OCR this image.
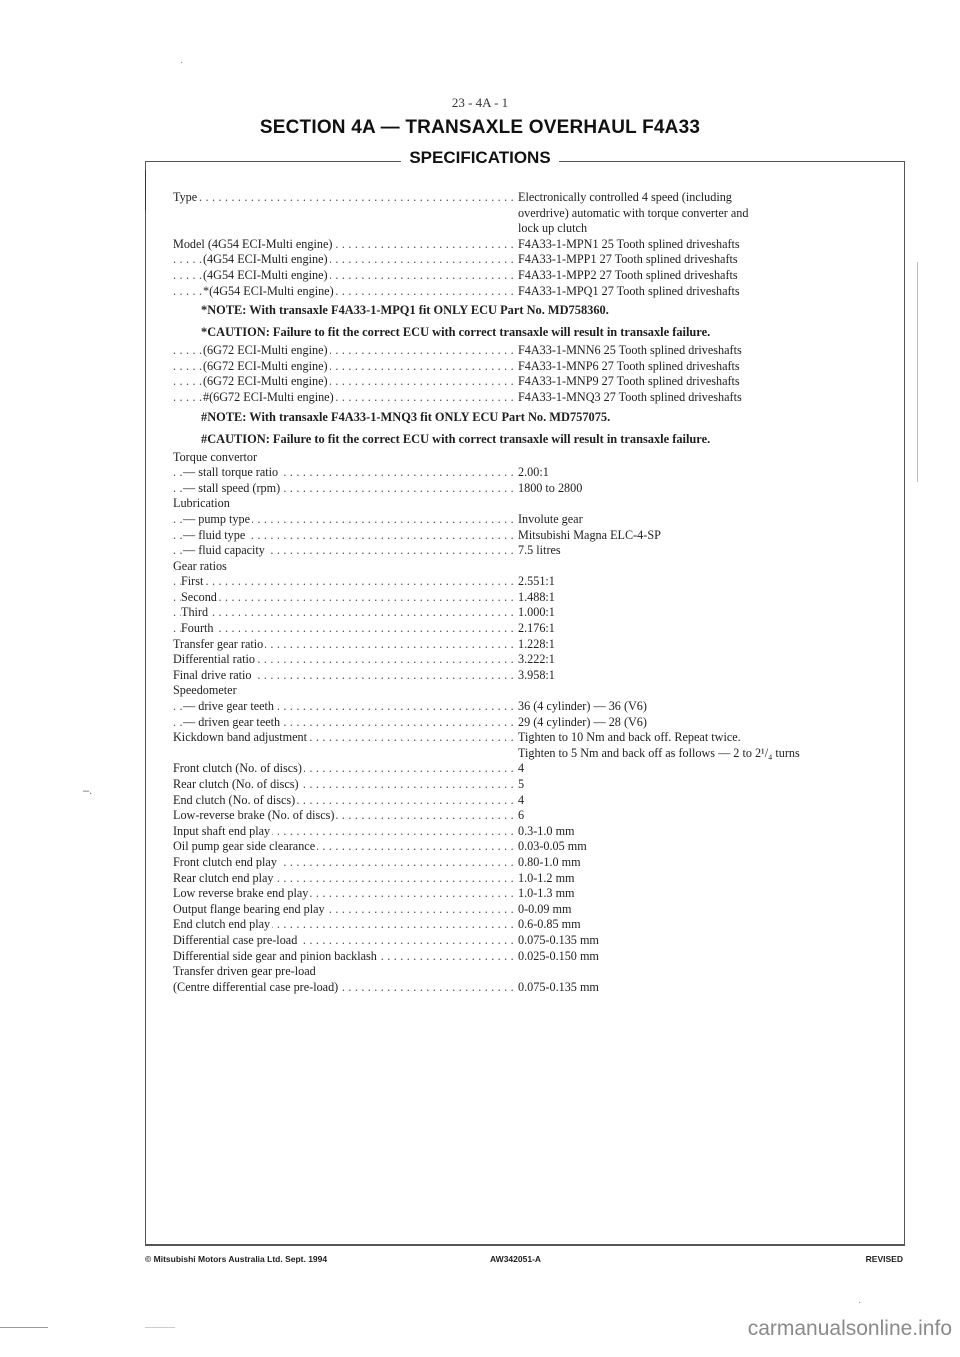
·
23 - 4A - 1
SECTION 4A — TRANSAXLE OVERHAUL F4A33
SPECIFICATIONS
–.
Type . . .	Electronically controlled 4 speed (including
overdrive) automatic with torque converter and
lock up clutch
Model (4G54 ECI-Multi engine) . . .	F4A33-1-MPN1 25 Tooth splined driveshafts
(4G54 ECI-Multi engine) . . .	F4A33-1-MPP1 27 Tooth splined driveshafts
(4G54 ECI-Multi engine) . . .	F4A33-1-MPP2 27 Tooth splined driveshafts
*(4G54 ECI-Multi engine) . . .	F4A33-1-MPQ1 27 Tooth splined driveshafts
*NOTE: With transaxle F4A33-1-MPQ1 fit ONLY ECU Part No. MD758360.
*CAUTION: Failure to fit the correct ECU with correct transaxle will result in transaxle failure.
(6G72 ECI-Multi engine) . . .	F4A33-1-MNN6 25 Tooth splined driveshafts
(6G72 ECI-Multi engine) . . .	F4A33-1-MNP6 27 Tooth splined driveshafts
(6G72 ECI-Multi engine) . . .	F4A33-1-MNP9 27 Tooth splined driveshafts
#(6G72 ECI-Multi engine) . . .	F4A33-1-MNQ3 27 Tooth splined driveshafts
#NOTE: With transaxle F4A33-1-MNQ3 fit ONLY ECU Part No. MD757075.
#CAUTION: Failure to fit the correct ECU with correct transaxle will result in transaxle failure.
Torque convertor
— stall torque ratio . . .	2.00:1
— stall speed (rpm) . . .	1800 to 2800
Lubrication
— pump type . . .	Involute gear
— fluid type . . .	Mitsubishi Magna ELC-4-SP
— fluid capacity . . .	7.5 litres
Gear ratios
First . . .	2.551:1
Second . . .	1.488:1
Third . . .	1.000:1
Fourth . . .	2.176:1
Transfer gear ratio . . .	1.228:1
Differential ratio . . .	3.222:1
Final drive ratio . . .	3.958:1
Speedometer
— drive gear teeth . . .	36 (4 cylinder) — 36 (V6)
— driven gear teeth . . .	29 (4 cylinder) — 28 (V6)
Kickdown band adjustment . . .	Tighten to 10 Nm and back off. Repeat twice.
Tighten to 5 Nm and back off as follows — 2 to 2¹/₄ turns
Front clutch (No. of discs) . . .	4
Rear clutch (No. of discs) . . .	5
End clutch (No. of discs) . . .	4
Low-reverse brake (No. of discs) . . .	6
Input shaft end play . . .	0.3-1.0 mm
Oil pump gear side clearance . . .	0.03-0.05 mm
Front clutch end play . . .	0.80-1.0 mm
Rear clutch end play . . .	1.0-1.2 mm
Low reverse brake end play . . .	1.0-1.3 mm
Output flange bearing end play . . .	0-0.09 mm
End clutch end play . . .	0.6-0.85 mm
Differential case pre-load . . .	0.075-0.135 mm
Differential side gear and pinion backlash . . .	0.025-0.150 mm
Transfer driven gear pre-load
(Centre differential case pre-load) . . .	0.075-0.135 mm
© Mitsubishi Motors Australia Ltd. Sept. 1994	AW342051-A	REVISED
·
carmanualsonline.info
